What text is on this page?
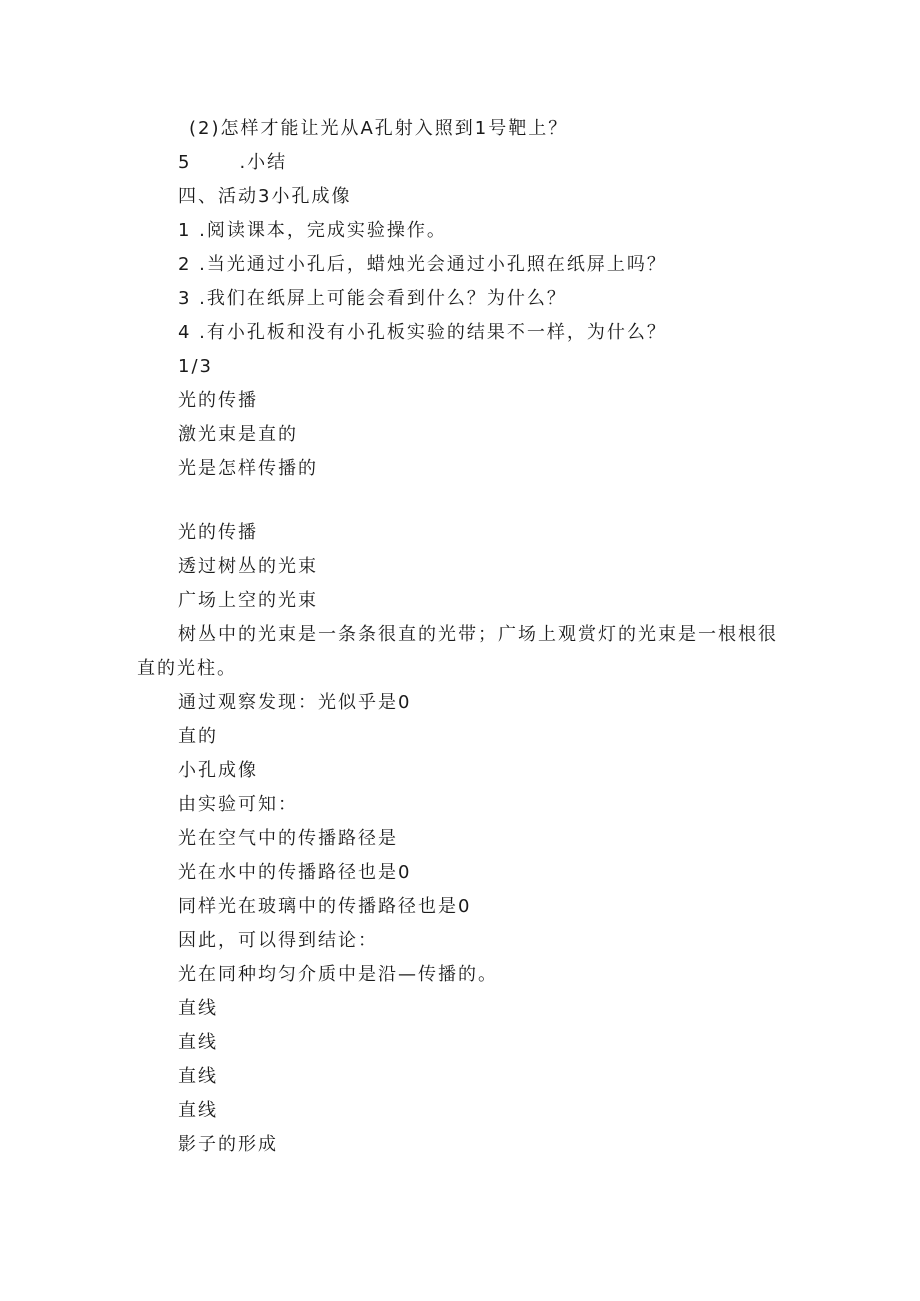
(2)怎样才能让光从A孔射入照到1号靶上？
5	.小结
四、活动3小孔成像
1 .阅读课本，完成实验操作。
2 .当光通过小孔后，蜡烛光会通过小孔照在纸屏上吗？
3 .我们在纸屏上可能会看到什么？为什么？
4 .有小孔板和没有小孔板实验的结果不一样，为什么？
1/3
光的传播
激光束是直的
光是怎样传播的
光的传播
透过树丛的光束
广场上空的光束
树丛中的光束是一条条很直的光带；广场上观赏灯的光束是一根根很
直的光柱。
通过观察发现：光似乎是0
直的
小孔成像
由实验可知：
光在空气中的传播路径是
光在水中的传播路径也是0
同样光在玻璃中的传播路径也是0
因此，可以得到结论：
光在同种均匀介质中是沿—传播的。
直线
直线
直线
直线
影子的形成
